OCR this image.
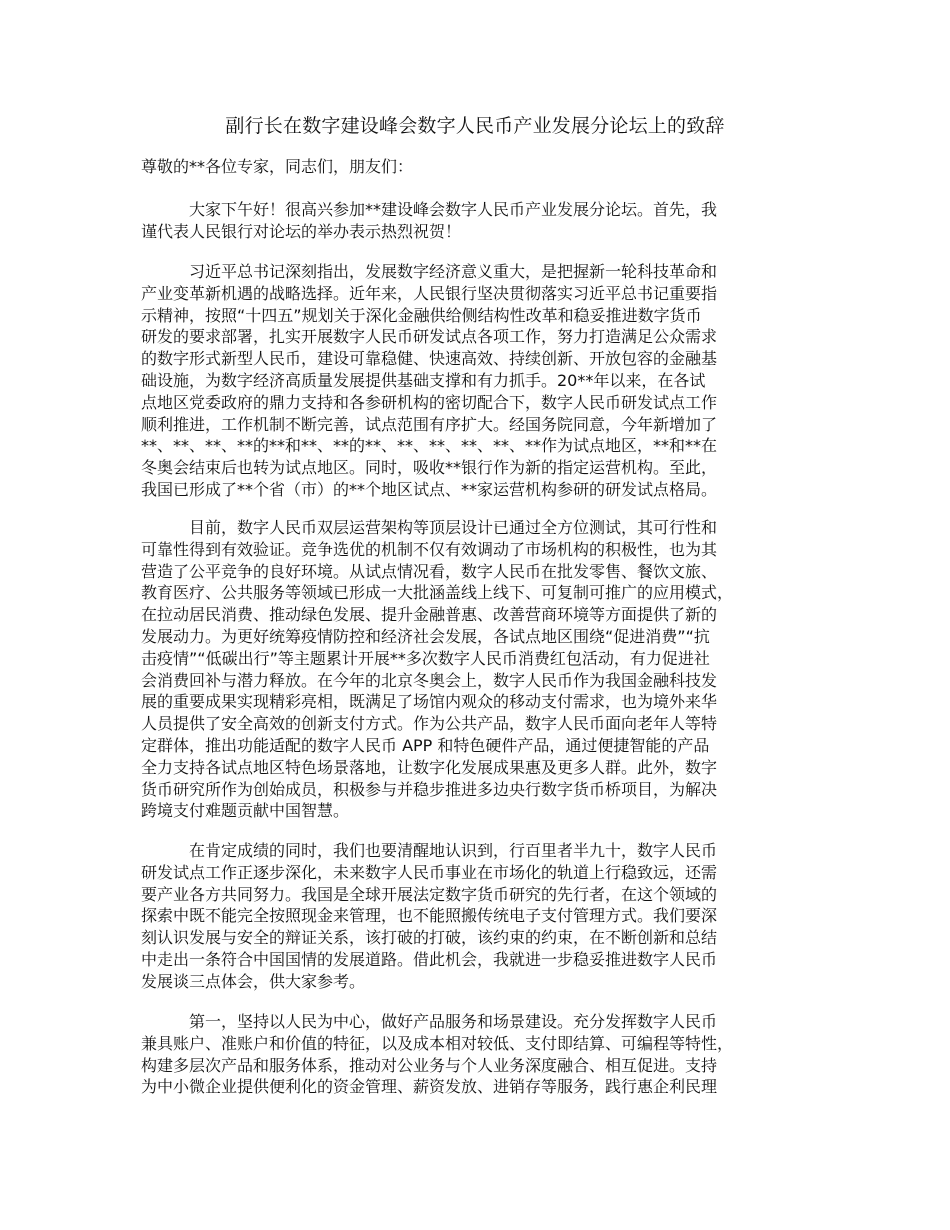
副行长在数字建设峰会数字人民币产业发展分论坛上的致辞

尊敬的**各位专家，同志们，朋友们：

大家下午好！很高兴参加**建设峰会数字人民币产业发展分论坛。首先，我
谨代表人民银行对论坛的举办表示热烈祝贺！

习近平总书记深刻指出，发展数字经济意义重大，是把握新一轮科技革命和
产业变革新机遇的战略选择。近年来，人民银行坚决贯彻落实习近平总书记重要指
示精神，按照“十四五”规划关于深化金融供给侧结构性改革和稳妥推进数字货币
研发的要求部署，扎实开展数字人民币研发试点各项工作，努力打造满足公众需求
的数字形式新型人民币，建设可靠稳健、快速高效、持续创新、开放包容的金融基
础设施，为数字经济高质量发展提供基础支撑和有力抓手。20**年以来，在各试
点地区党委政府的鼎力支持和各参研机构的密切配合下，数字人民币研发试点工作
顺利推进，工作机制不断完善，试点范围有序扩大。经国务院同意，今年新增加了
**、**、**、**的**和**、**的**、**、**、**、**、**作为试点地区，**和**在
冬奥会结束后也转为试点地区。同时，吸收**银行作为新的指定运营机构。至此，
我国已形成了**个省（市）的**个地区试点、**家运营机构参研的研发试点格局。

目前，数字人民币双层运营架构等顶层设计已通过全方位测试，其可行性和
可靠性得到有效验证。竞争选优的机制不仅有效调动了市场机构的积极性，也为其
营造了公平竞争的良好环境。从试点情况看，数字人民币在批发零售、餐饮文旅、
教育医疗、公共服务等领域已形成一大批涵盖线上线下、可复制可推广的应用模式，
在拉动居民消费、推动绿色发展、提升金融普惠、改善营商环境等方面提供了新的
发展动力。为更好统筹疫情防控和经济社会发展，各试点地区围绕“促进消费”“抗
击疫情”“低碳出行”等主题累计开展**多次数字人民币消费红包活动，有力促进社
会消费回补与潜力释放。在今年的北京冬奥会上，数字人民币作为我国金融科技发
展的重要成果实现精彩亮相，既满足了场馆内观众的移动支付需求，也为境外来华
人员提供了安全高效的创新支付方式。作为公共产品，数字人民币面向老年人等特
定群体，推出功能适配的数字人民币 APP 和特色硬件产品，通过便捷智能的产品
全力支持各试点地区特色场景落地，让数字化发展成果惠及更多人群。此外，数字
货币研究所作为创始成员，积极参与并稳步推进多边央行数字货币桥项目，为解决
跨境支付难题贡献中国智慧。

在肯定成绩的同时，我们也要清醒地认识到，行百里者半九十，数字人民币
研发试点工作正逐步深化，未来数字人民币事业在市场化的轨道上行稳致远，还需
要产业各方共同努力。我国是全球开展法定数字货币研究的先行者，在这个领域的
探索中既不能完全按照现金来管理，也不能照搬传统电子支付管理方式。我们要深
刻认识发展与安全的辩证关系，该打破的打破，该约束的约束，在不断创新和总结
中走出一条符合中国国情的发展道路。借此机会，我就进一步稳妥推进数字人民币
发展谈三点体会，供大家参考。

第一，坚持以人民为中心，做好产品服务和场景建设。充分发挥数字人民币
兼具账户、准账户和价值的特征，以及成本相对较低、支付即结算、可编程等特性，
构建多层次产品和服务体系，推动对公业务与个人业务深度融合、相互促进。支持
为中小微企业提供便利化的资金管理、薪资发放、进销存等服务，践行惠企利民理
